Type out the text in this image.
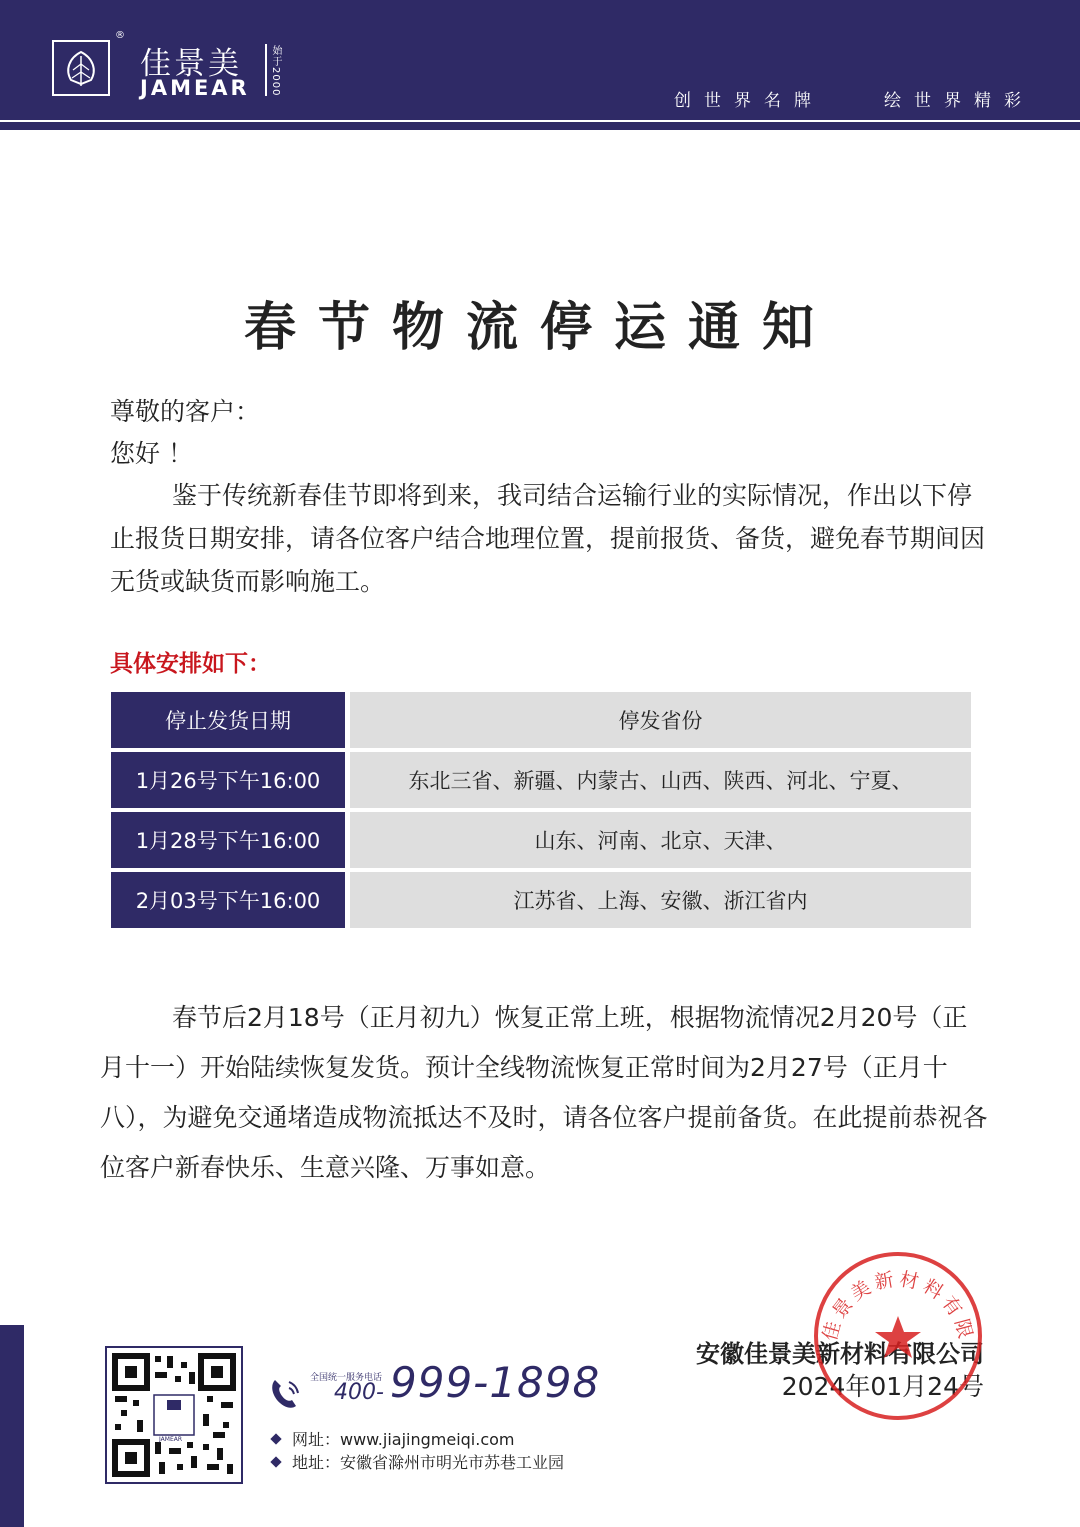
®
佳景美
JAMEAR 始于2000
创世界名牌	绘世界精彩
春节物流停运通知
尊敬的客户：
您好 ！
鉴于传统新春佳节即将到来，我司结合运输行业的实际情况，作出以下停止报货日期安排，请各位客户结合地理位置，提前报货、备货，避免春节期间因无货或缺货而影响施工。
具体安排如下：
停止发货日期	停发省份
1月26号下午16:00	东北三省、新疆、内蒙古、山西、陕西、河北、宁夏、
1月28号下午16:00	山东、河南、北京、天津、
2月03号下午16:00	江苏省、上海、安徽、浙江省内
春节后2月18号（正月初九）恢复正常上班，根据物流情况2月20号（正月十一）开始陆续恢复发货。预计全线物流恢复正常时间为2月27号（正月十八），为避免交通堵造成物流抵达不及时，请各位客户提前备货。在此提前恭祝各位客户新春快乐、生意兴隆、万事如意。
JAMEAR
全国统一服务电话
400- 999-1898
网址：www.jiajingmeiqi.com
地址：安徽省滁州市明光市苏巷工业园
安徽佳景美新材料有限公司
2024年01月24号
佳景美新材料有限
